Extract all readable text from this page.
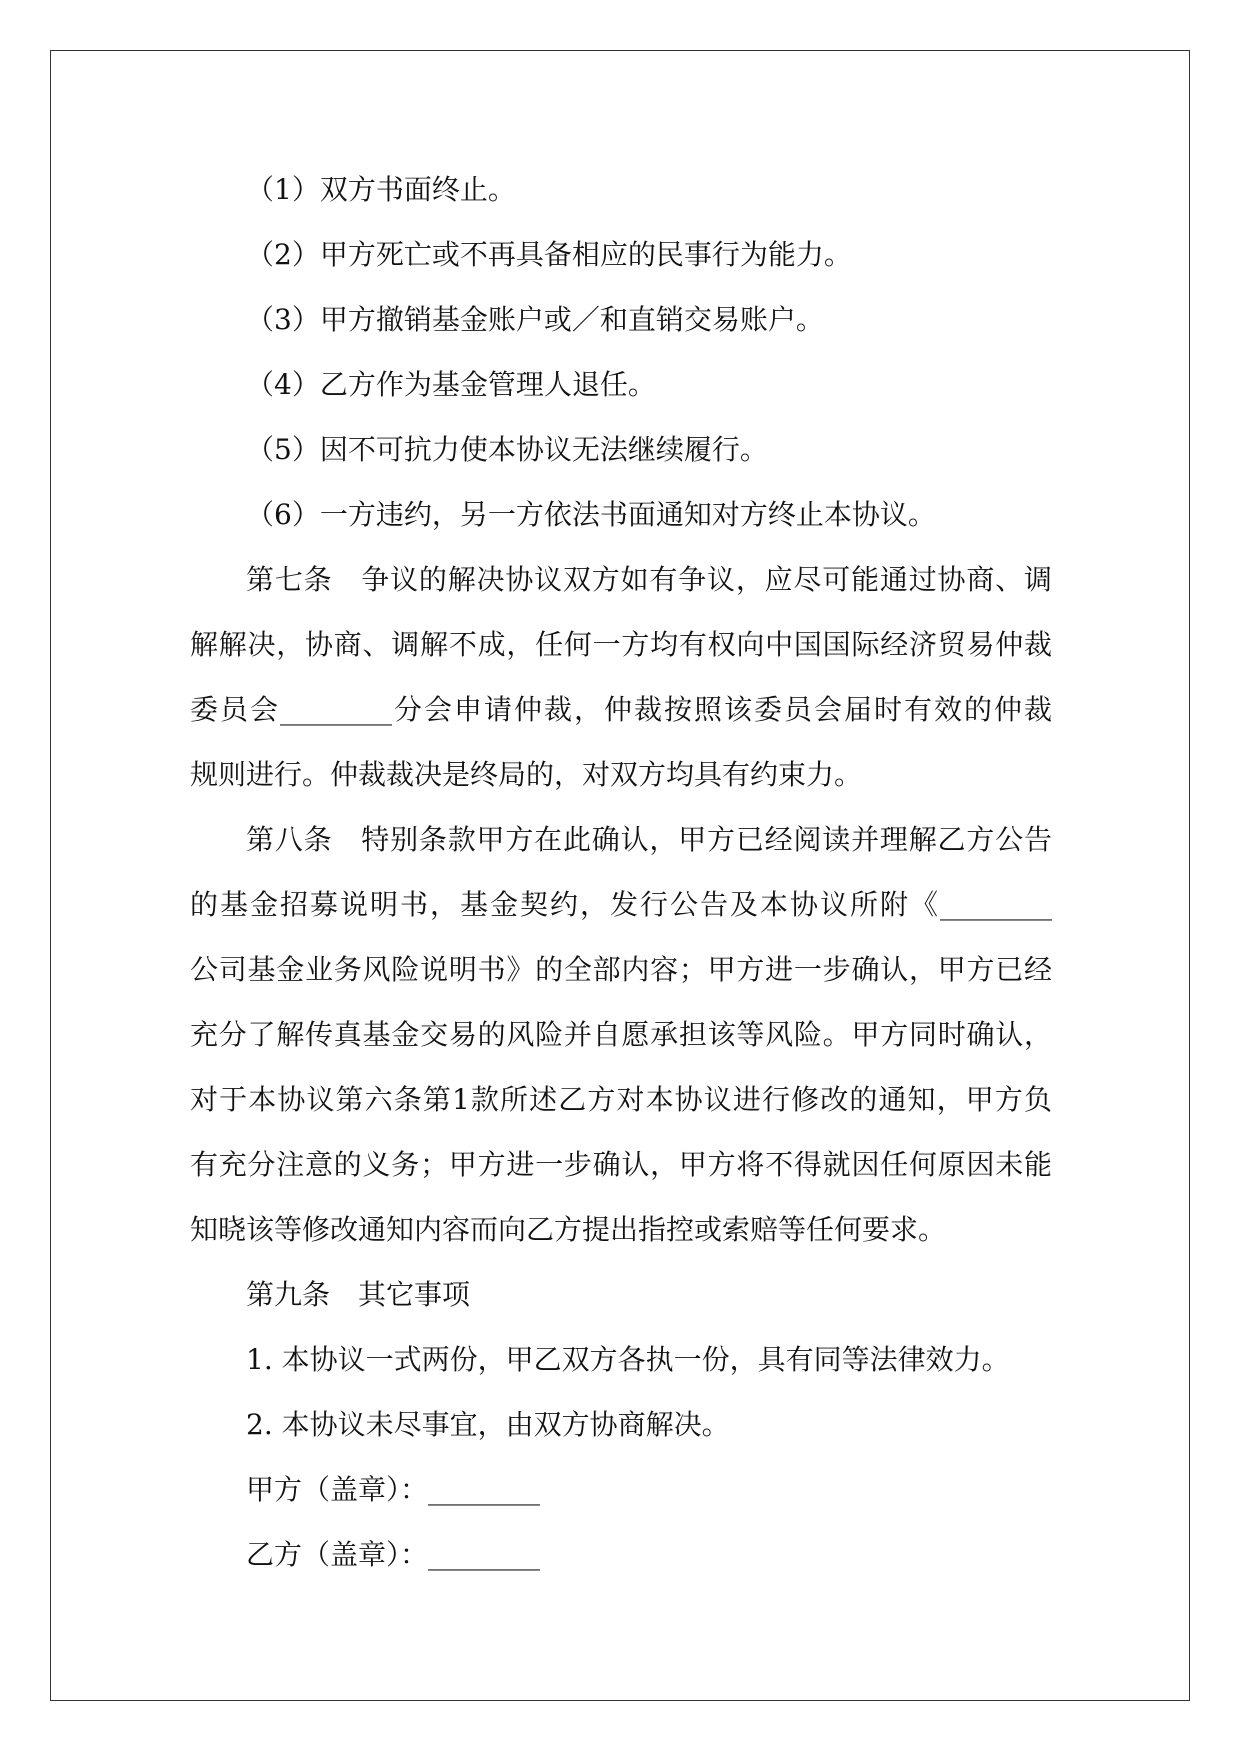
（1）双方书面终止。
（2）甲方死亡或不再具备相应的民事行为能力。
（3）甲方撤销基金账户或／和直销交易账户。
（4）乙方作为基金管理人退任。
（5）因不可抗力使本协议无法继续履行。
（6）一方违约，另一方依法书面通知对方终止本协议。
第七条　争议的解决协议双方如有争议，应尽可能通过协商、调
解解决，协商、调解不成，任何一方均有权向中国国际经济贸易仲裁
委员会________分会申请仲裁，仲裁按照该委员会届时有效的仲裁
规则进行。仲裁裁决是终局的，对双方均具有约束力。
第八条　特别条款甲方在此确认，甲方已经阅读并理解乙方公告
的基金招募说明书，基金契约，发行公告及本协议所附《________
公司基金业务风险说明书》的全部内容；甲方进一步确认，甲方已经
充分了解传真基金交易的风险并自愿承担该等风险。甲方同时确认，
对于本协议第六条第1款所述乙方对本协议进行修改的通知，甲方负
有充分注意的义务；甲方进一步确认，甲方将不得就因任何原因未能
知晓该等修改通知内容而向乙方提出指控或索赔等任何要求。
第九条　其它事项
1. 本协议一式两份，甲乙双方各执一份，具有同等法律效力。
2. 本协议未尽事宜，由双方协商解决。
甲方（盖章）：________
乙方（盖章）：________
